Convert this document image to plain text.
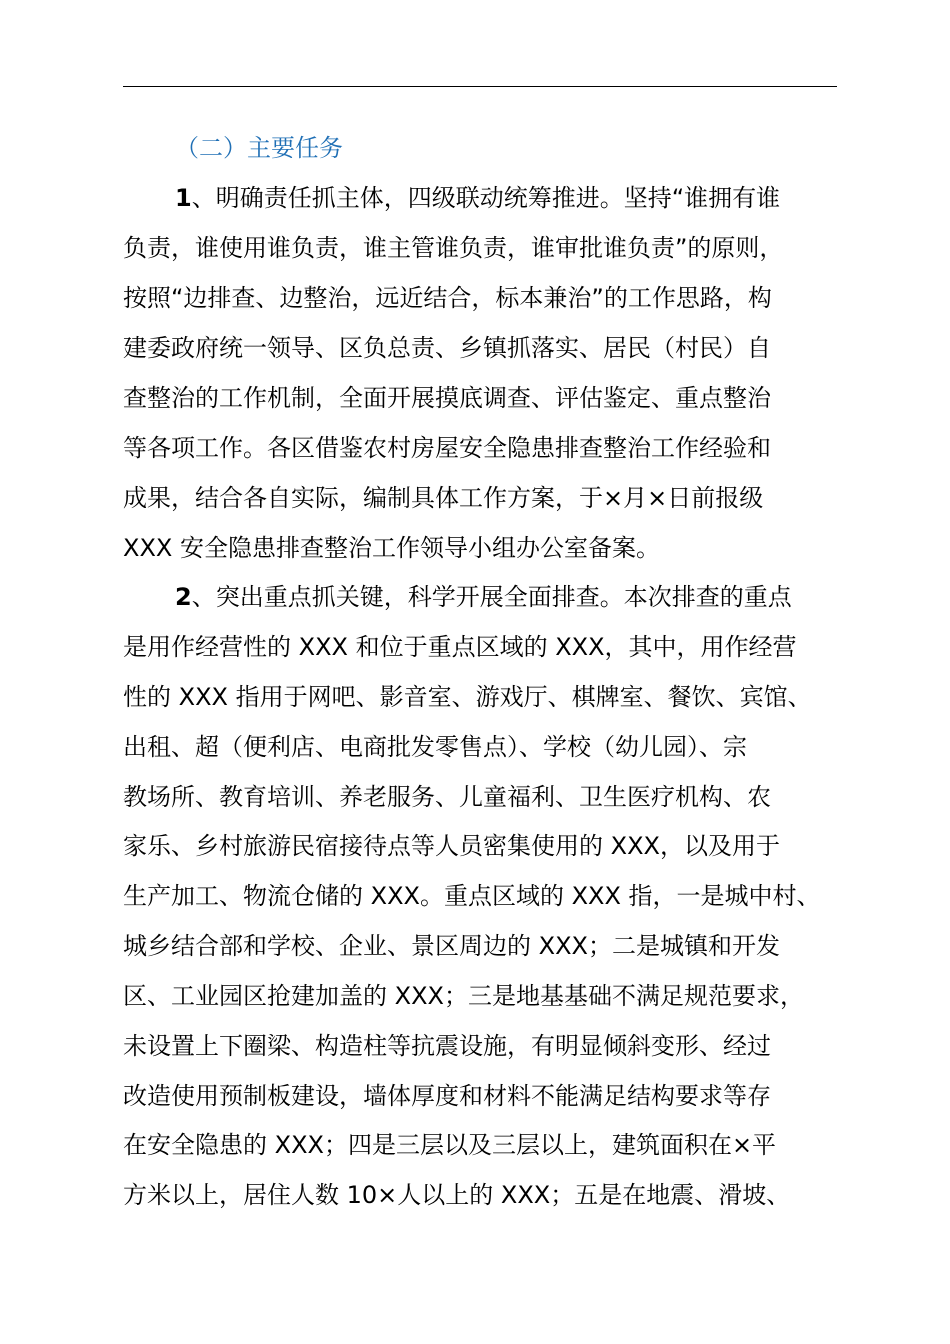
（二）主要任务
1、明确责任抓主体，四级联动统筹推进。坚持“谁拥有谁
负责，谁使用谁负责，谁主管谁负责，谁审批谁负责”的原则，
按照“边排查、边整治，远近结合，标本兼治”的工作思路，构
建委政府统一领导、区负总责、乡镇抓落实、居民（村民）自
查整治的工作机制，全面开展摸底调查、评估鉴定、重点整治
等各项工作。各区借鉴农村房屋安全隐患排查整治工作经验和
成果，结合各自实际，编制具体工作方案，于×月×日前报级
XXX 安全隐患排查整治工作领导小组办公室备案。
2、突出重点抓关键，科学开展全面排查。本次排查的重点
是用作经营性的 XXX 和位于重点区域的 XXX，其中，用作经营
性的 XXX 指用于网吧、影音室、游戏厅、棋牌室、餐饮、宾馆、
出租、超（便利店、电商批发零售点）、学校（幼儿园）、宗
教场所、教育培训、养老服务、儿童福利、卫生医疗机构、农
家乐、乡村旅游民宿接待点等人员密集使用的 XXX，以及用于
生产加工、物流仓储的 XXX。重点区域的 XXX 指，一是城中村、
城乡结合部和学校、企业、景区周边的 XXX；二是城镇和开发
区、工业园区抢建加盖的 XXX；三是地基基础不满足规范要求，
未设置上下圈梁、构造柱等抗震设施，有明显倾斜变形、经过
改造使用预制板建设，墙体厚度和材料不能满足结构要求等存
在安全隐患的 XXX；四是三层以及三层以上，建筑面积在×平
方米以上，居住人数 10×人以上的 XXX；五是在地震、滑坡、
